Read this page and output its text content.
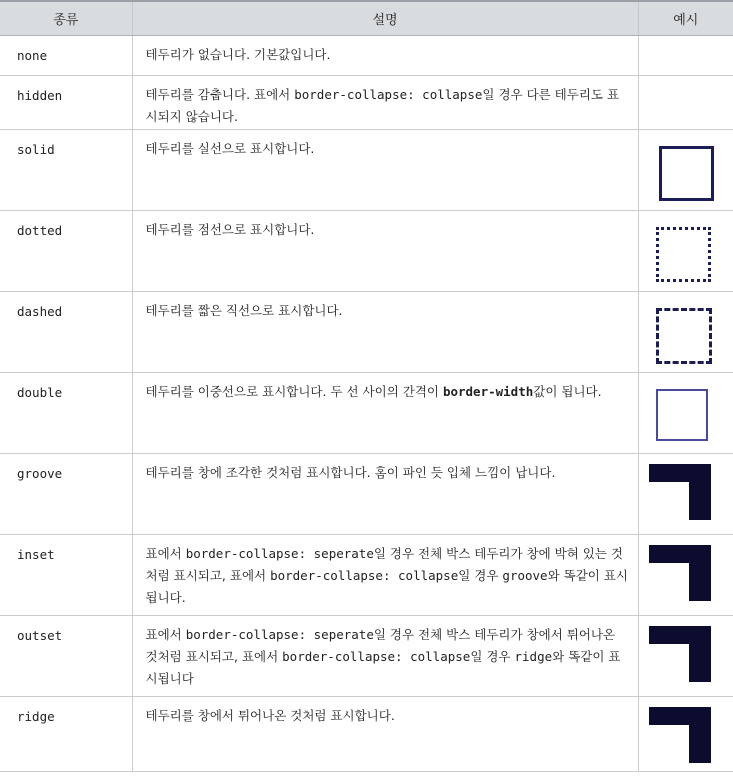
종류	설명	예시
none	테두리가 없습니다. 기본값입니다.	
hidden	테두리를 감춥니다. 표에서 border-collapse: collapse일 경우 다른 테두리도 표시되지 않습니다.	
solid	테두리를 실선으로 표시합니다.	

dotted	테두리를 점선으로 표시합니다.	

dashed	테두리를 짧은 직선으로 표시합니다.	

double	테두리를 이중선으로 표시합니다. 두 선 사이의 간격이 border-width값이 됩니다.	

groove	테두리를 창에 조각한 것처럼 표시합니다. 홈이 파인 듯 입체 느낌이 납니다.	

inset	표에서 border-collapse: seperate일 경우 전체 박스 테두리가 창에 박혀 있는 것처럼 표시되고, 표에서 border-collapse: collapse일 경우 groove와 똑같이 표시됩니다.	

outset	표에서 border-collapse: seperate일 경우 전체 박스 테두리가 창에서 튀어나온 것처럼 표시되고, 표에서 border-collapse: collapse일 경우 ridge와 똑같이 표시됩니다	

ridge	테두리를 창에서 튀어나온 것처럼 표시합니다.	
